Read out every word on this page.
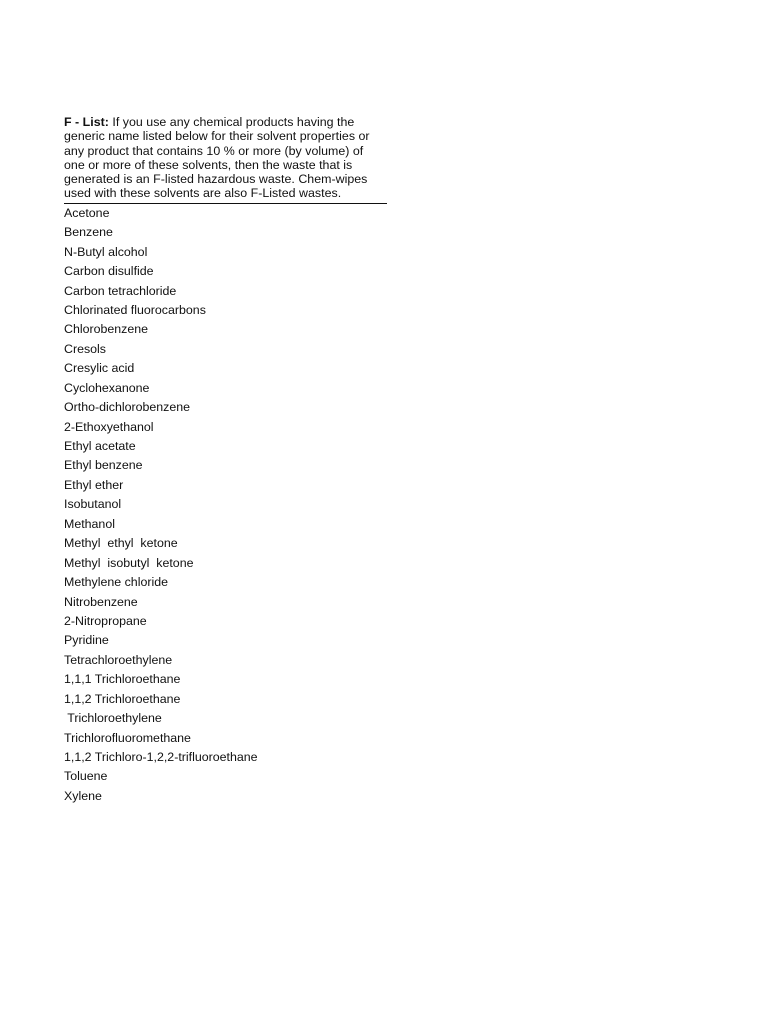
F - List: If you use any chemical products having the
generic name listed below for their solvent properties or
any product that contains 10 % or more (by volume) of
one or more of these solvents, then the waste that is
generated is an F-listed hazardous waste. Chem-wipes
used with these solvents are also F-Listed wastes.

Acetone
Benzene
N-Butyl alcohol
Carbon disulfide
Carbon tetrachloride
Chlorinated fluorocarbons
Chlorobenzene
Cresols
Cresylic acid
Cyclohexanone
Ortho-dichlorobenzene
2-Ethoxyethanol
Ethyl acetate
Ethyl benzene
Ethyl ether
Isobutanol
Methanol
Methyl  ethyl  ketone
Methyl  isobutyl  ketone
Methylene chloride
Nitrobenzene
2-Nitropropane
Pyridine
Tetrachloroethylene
1,1,1 Trichloroethane
1,1,2 Trichloroethane
Trichloroethylene
Trichlorofluoromethane
1,1,2 Trichloro-1,2,2-trifluoroethane
Toluene
Xylene
